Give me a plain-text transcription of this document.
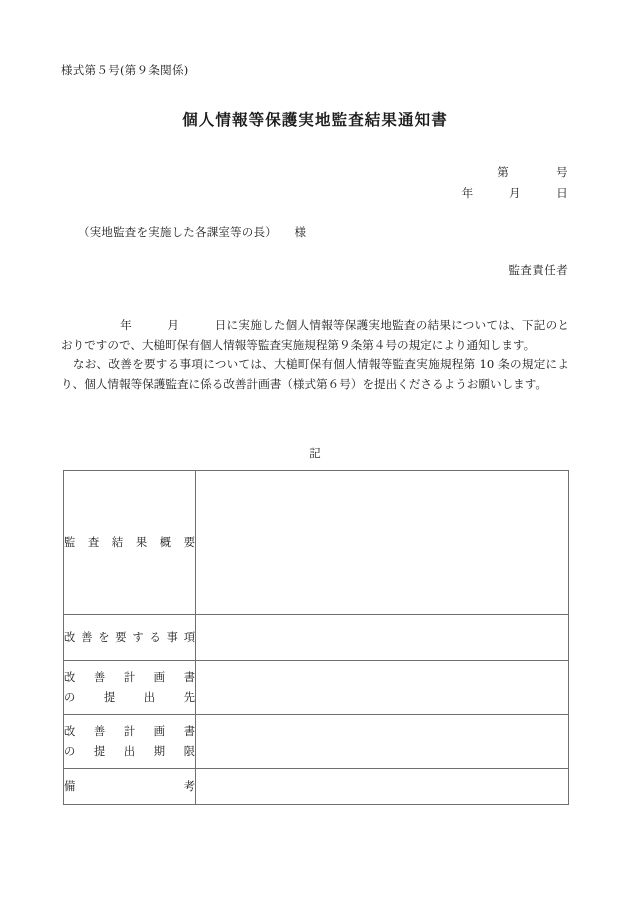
様式第５号(第９条関係)
個人情報等保護実地監査結果通知書
第　　　　号
年　　　月　　　日
（実地監査を実施した各課室等の長）　　様
監査責任者

　　　　　年　　　月　　　日に実施した個人情報等保護実地監査の結果については、下記のとおりですので、大槌町保有個人情報等監査実施規程第９条第４号の規定により通知します。

　なお、改善を要する事項については、大槌町保有個人情報等監査実施規程第 10 条の規定により、個人情報等保護監査に係る改善計画書（様式第６号）を提出くださるようお願いします。

記
監査結果概要	

改善を要する事項	

改善計画書
の　提　出　先	

改善計画書
の　提　出　期　限	

備　　　　　考	
